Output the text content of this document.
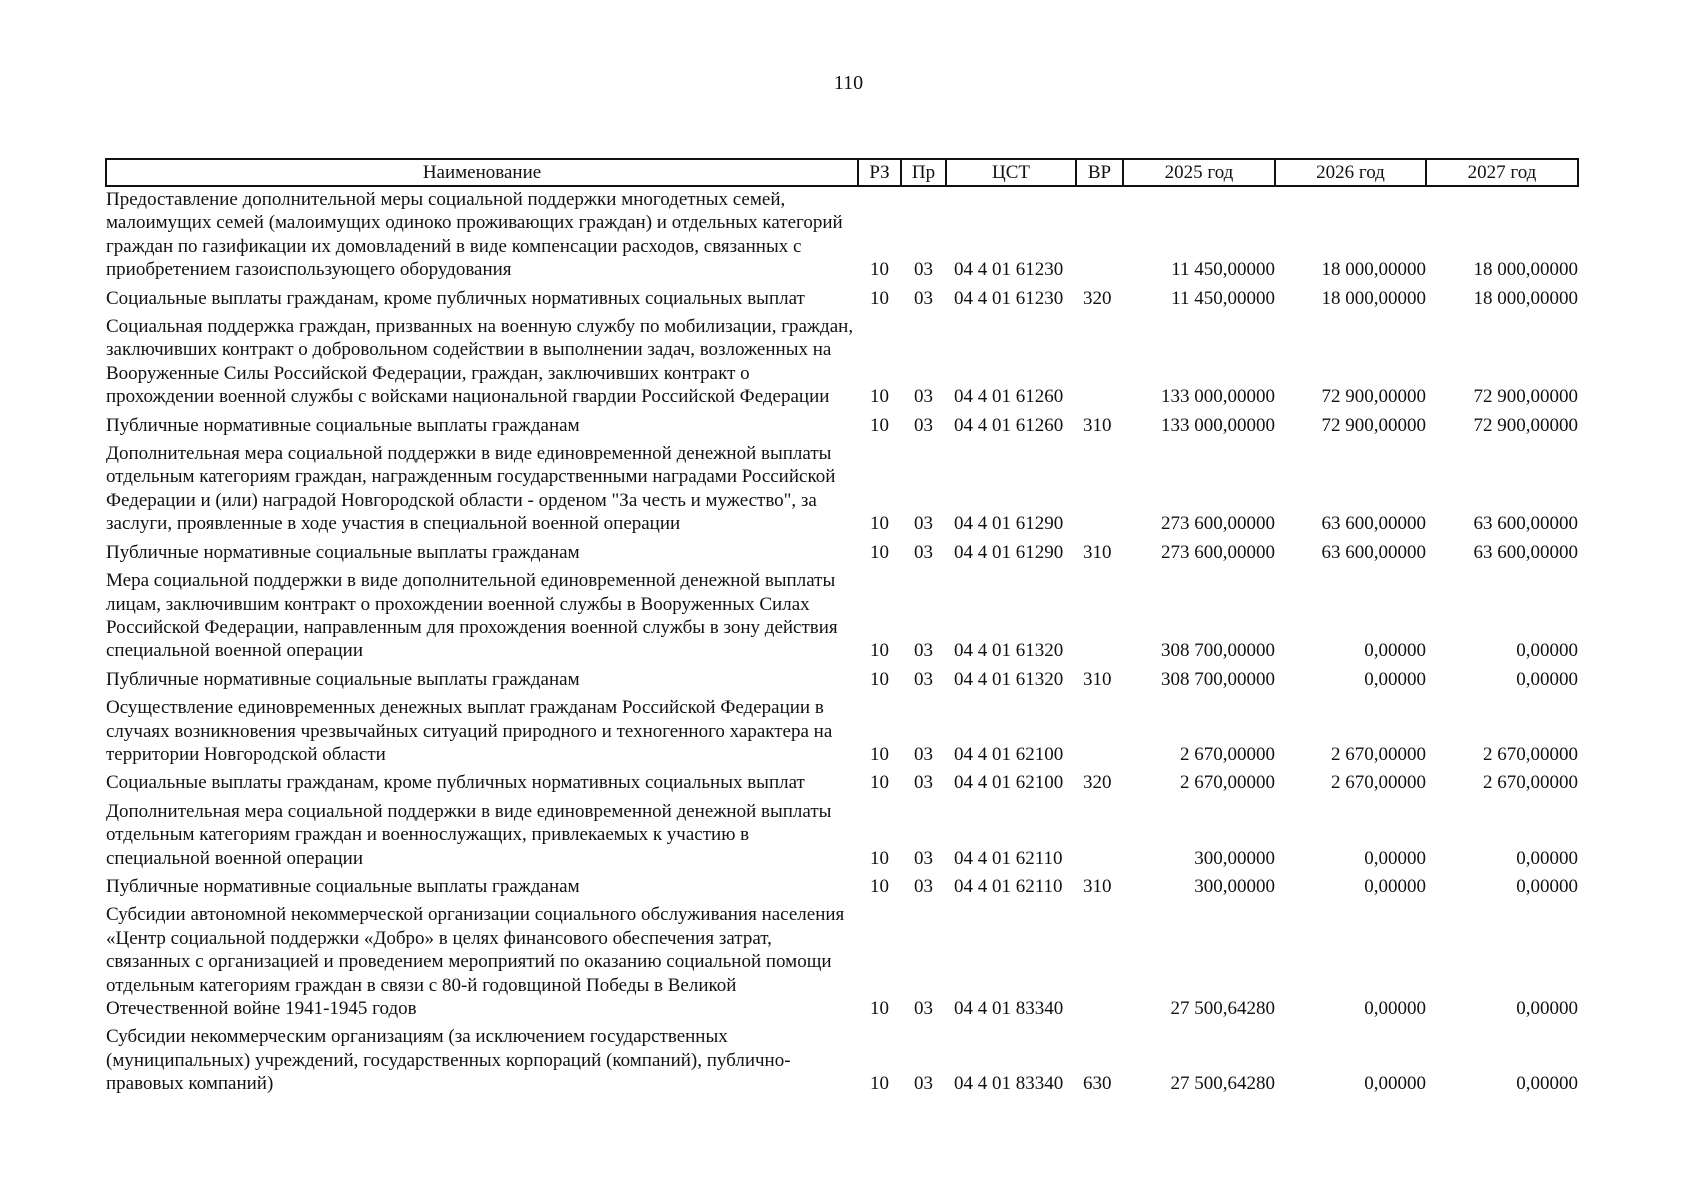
110
Наименование	РЗ	Пр	ЦСТ	ВР	2025 год	2026 год	2027 год
Предоставление дополнительной меры социальной поддержки многодетных семей, малоимущих семей (малоимущих одиноко проживающих граждан) и отдельных категорий граждан по газификации их домовладений в виде компенсации расходов, связанных с приобретением газоиспользующего оборудования	10	03	04 4 01 61230		11 450,00000	18 000,00000	18 000,00000
Социальные выплаты гражданам, кроме публичных нормативных социальных выплат	10	03	04 4 01 61230	320	11 450,00000	18 000,00000	18 000,00000
Социальная поддержка граждан, призванных на военную службу по мобилизации, граждан, заключивших контракт о добровольном содействии в выполнении задач, возложенных на Вооруженные Силы Российской Федерации, граждан, заключивших контракт о прохождении военной службы с войсками национальной гвардии Российской Федерации	10	03	04 4 01 61260		133 000,00000	72 900,00000	72 900,00000
Публичные нормативные социальные выплаты гражданам	10	03	04 4 01 61260	310	133 000,00000	72 900,00000	72 900,00000
Дополнительная мера социальной поддержки в виде единовременной денежной выплаты отдельным категориям граждан, награжденным государственными наградами Российской Федерации и (или) наградой Новгородской области - орденом "За честь и мужество", за заслуги, проявленные в ходе участия в специальной военной операции	10	03	04 4 01 61290		273 600,00000	63 600,00000	63 600,00000
Публичные нормативные социальные выплаты гражданам	10	03	04 4 01 61290	310	273 600,00000	63 600,00000	63 600,00000
Мера социальной поддержки в виде дополнительной единовременной денежной выплаты лицам, заключившим контракт о прохождении военной службы в Вооруженных Силах Российской Федерации, направленным для прохождения военной службы в зону действия специальной военной операции	10	03	04 4 01 61320		308 700,00000	0,00000	0,00000
Публичные нормативные социальные выплаты гражданам	10	03	04 4 01 61320	310	308 700,00000	0,00000	0,00000
Осуществление единовременных денежных выплат гражданам Российской Федерации в случаях возникновения чрезвычайных ситуаций природного и техногенного характера на территории Новгородской области	10	03	04 4 01 62100		2 670,00000	2 670,00000	2 670,00000
Социальные выплаты гражданам, кроме публичных нормативных социальных выплат	10	03	04 4 01 62100	320	2 670,00000	2 670,00000	2 670,00000
Дополнительная мера социальной поддержки в виде единовременной денежной выплаты отдельным категориям граждан и военнослужащих, привлекаемых к участию в специальной военной операции	10	03	04 4 01 62110		300,00000	0,00000	0,00000
Публичные нормативные социальные выплаты гражданам	10	03	04 4 01 62110	310	300,00000	0,00000	0,00000
Субсидии автономной некоммерческой организации социального обслуживания населения «Центр социальной поддержки «Добро» в целях финансового обеспечения затрат, связанных с организацией и проведением мероприятий по оказанию социальной помощи отдельным категориям граждан в связи с 80-й годовщиной Победы в Великой Отечественной войне 1941-1945 годов	10	03	04 4 01 83340		27 500,64280	0,00000	0,00000
Субсидии некоммерческим организациям (за исключением государственных (муниципальных) учреждений, государственных корпораций (компаний), публично-правовых компаний)	10	03	04 4 01 83340	630	27 500,64280	0,00000	0,00000
